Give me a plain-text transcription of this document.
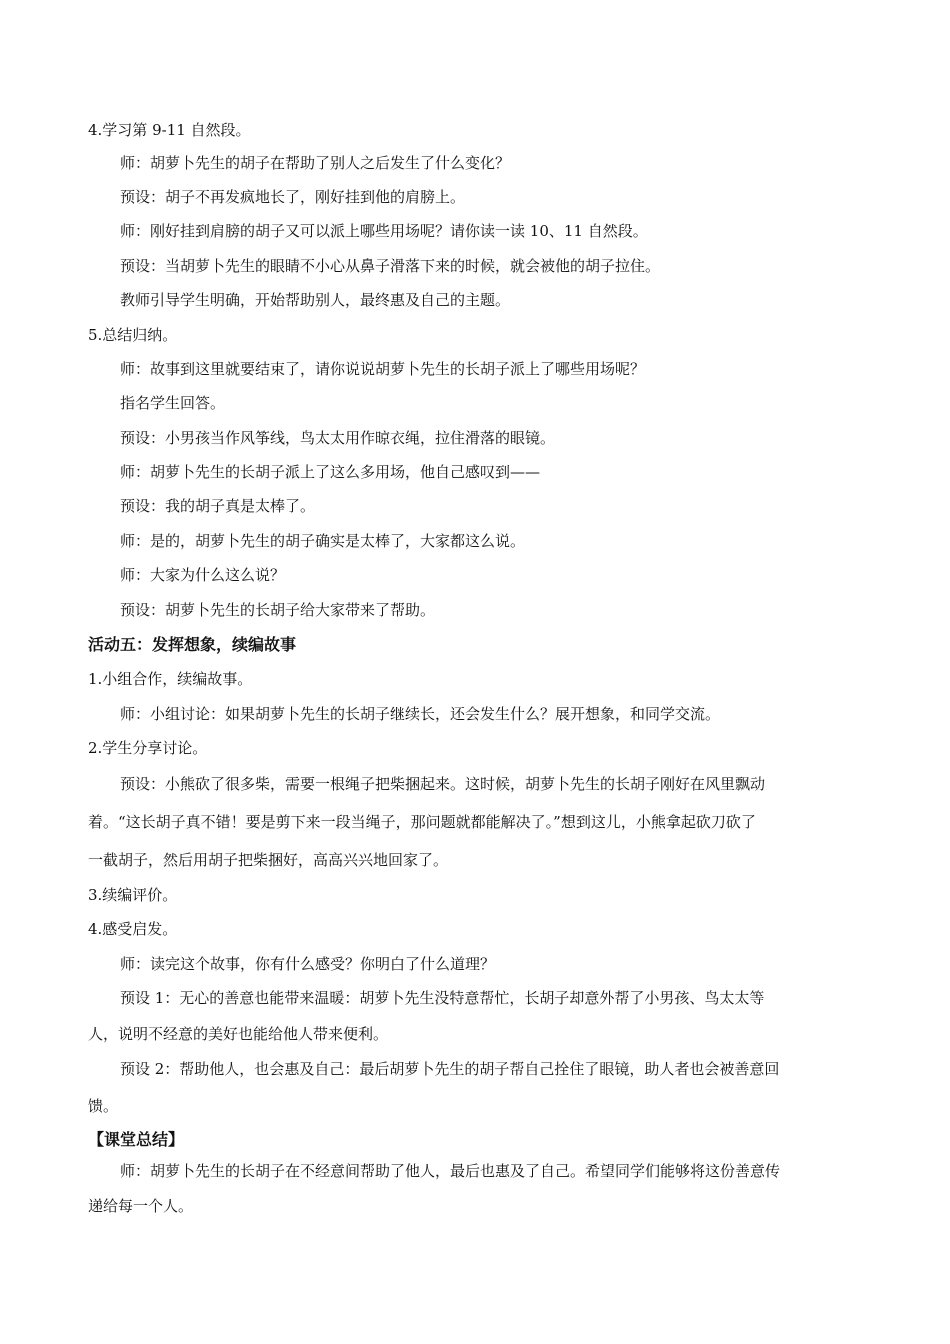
4.学习第 9-11 自然段。
师：胡萝卜先生的胡子在帮助了别人之后发生了什么变化？
预设：胡子不再发疯地长了，刚好挂到他的肩膀上。
师：刚好挂到肩膀的胡子又可以派上哪些用场呢？请你读一读 10、11 自然段。
预设：当胡萝卜先生的眼睛不小心从鼻子滑落下来的时候，就会被他的胡子拉住。
教师引导学生明确，开始帮助别人，最终惠及自己的主题。
5.总结归纳。
师：故事到这里就要结束了，请你说说胡萝卜先生的长胡子派上了哪些用场呢？
指名学生回答。
预设：小男孩当作风筝线，鸟太太用作晾衣绳，拉住滑落的眼镜。
师：胡萝卜先生的长胡子派上了这么多用场，他自己感叹到——
预设：我的胡子真是太棒了。
师：是的，胡萝卜先生的胡子确实是太棒了，大家都这么说。
师：大家为什么这么说？
预设：胡萝卜先生的长胡子给大家带来了帮助。
活动五：发挥想象，续编故事
1.小组合作，续编故事。
师：小组讨论：如果胡萝卜先生的长胡子继续长，还会发生什么？展开想象，和同学交流。
2.学生分享讨论。
预设：小熊砍了很多柴，需要一根绳子把柴捆起来。这时候，胡萝卜先生的长胡子刚好在风里飘动
着。“这长胡子真不错！要是剪下来一段当绳子，那问题就都能解决了。”想到这儿，小熊拿起砍刀砍了
一截胡子，然后用胡子把柴捆好，高高兴兴地回家了。
3.续编评价。
4.感受启发。
师：读完这个故事，你有什么感受？你明白了什么道理？
预设 1：无心的善意也能带来温暖：胡萝卜先生没特意帮忙，长胡子却意外帮了小男孩、鸟太太等
人，说明不经意的美好也能给他人带来便利。
预设 2：帮助他人，也会惠及自己：最后胡萝卜先生的胡子帮自己拴住了眼镜，助人者也会被善意回
馈。
【课堂总结】
师：胡萝卜先生的长胡子在不经意间帮助了他人，最后也惠及了自己。希望同学们能够将这份善意传
递给每一个人。
